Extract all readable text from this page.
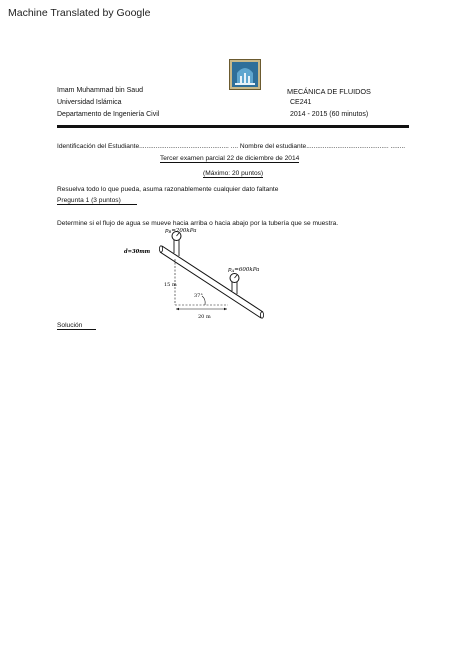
Machine Translated by Google
Imam Muhammad bin Saud
Universidad Islámica
Departamento de Ingeniería Civil
MECÁNICA DE FLUIDOS
CE241
2014 - 2015 (60 minutos)
Identificación del Estudiante................................................. .... Nombre del estudiante............................................. ........
Tercer examen parcial 22 de diciembre de 2014
(Máximo: 20 puntos)
Resuelva todo lo que pueda, asuma razonablemente cualquier dato faltante
Pregunta 1 (3 puntos)
Determine si el flujo de agua se mueve hacia arriba o hacia abajo por la tubería que se muestra.
pB=200kPa
pA=600kPa
d=30mm
15 m
37°
20 m
Solución
